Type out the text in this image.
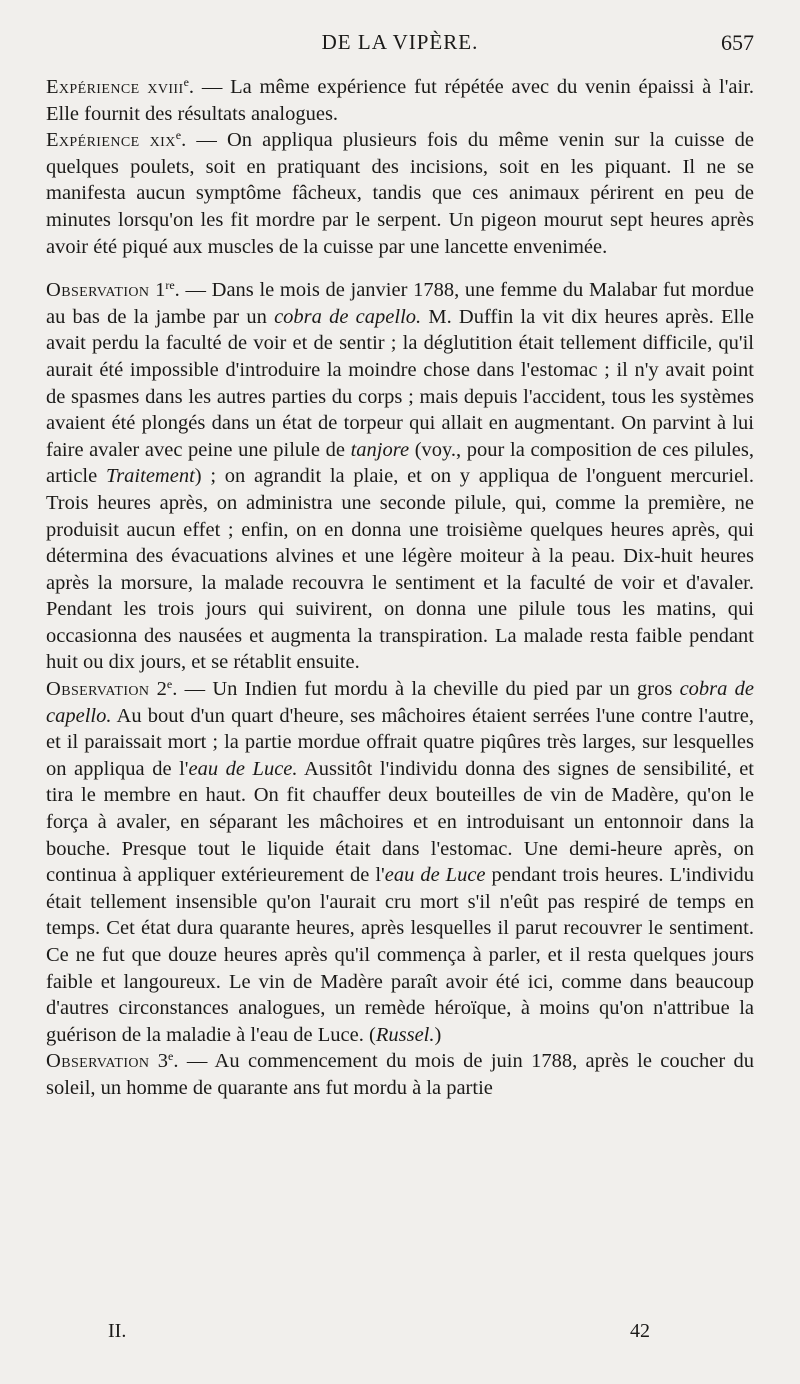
DE LA VIPÈRE.	657

Expérience xviii$^e$. — La même expérience fut répétée avec du venin épaissi à l'air. Elle fournit des résultats analogues.

Expérience xix$^e$. — On appliqua plusieurs fois du même venin sur la cuisse de quelques poulets, soit en pratiquant des incisions, soit en les piquant. Il ne se manifesta aucun symptôme fâcheux, tandis que ces animaux périrent en peu de minutes lorsqu'on les fit mordre par le serpent. Un pigeon mourut sept heures après avoir été piqué aux muscles de la cuisse par une lancette envenimée.

Observation 1re. — Dans le mois de janvier 1788, une femme du Malabar fut mordue au bas de la jambe par un cobra de capello. M. Duffin la vit dix heures après. Elle avait perdu la faculté de voir et de sentir ; la déglutition était tellement difficile, qu'il aurait été impossible d'introduire la moindre chose dans l'estomac ; il n'y avait point de spasmes dans les autres parties du corps ; mais depuis l'accident, tous les systèmes avaient été plongés dans un état de torpeur qui allait en augmentant. On parvint à lui faire avaler avec peine une pilule de tanjore (voy., pour la composition de ces pilules, article Traitement) ; on agrandit la plaie, et on y appliqua de l'onguent mercuriel. Trois heures après, on administra une seconde pilule, qui, comme la première, ne produisit aucun effet ; enfin, on en donna une troisième quelques heures après, qui détermina des évacuations alvines et une légère moiteur à la peau. Dix-huit heures après la morsure, la malade recouvra le sentiment et la faculté de voir et d'avaler. Pendant les trois jours qui suivirent, on donna une pilule tous les matins, qui occasionna des nausées et augmenta la transpiration. La malade resta faible pendant huit ou dix jours, et se rétablit ensuite.

Observation 2e. — Un Indien fut mordu à la cheville du pied par un gros cobra de capello. Au bout d'un quart d'heure, ses mâchoires étaient serrées l'une contre l'autre, et il paraissait mort ; la partie mordue offrait quatre piqûres très larges, sur lesquelles on appliqua de l'eau de Luce. Aussitôt l'individu donna des signes de sensibilité, et tira le membre en haut. On fit chauffer deux bouteilles de vin de Madère, qu'on le força à avaler, en séparant les mâchoires et en introduisant un entonnoir dans la bouche. Presque tout le liquide était dans l'estomac. Une demi-heure après, on continua à appliquer extérieurement de l'eau de Luce pendant trois heures. L'individu était tellement insensible qu'on l'aurait cru mort s'il n'eût pas respiré de temps en temps. Cet état dura quarante heures, après lesquelles il parut recouvrer le sentiment. Ce ne fut que douze heures après qu'il commença à parler, et il resta quelques jours faible et langoureux. Le vin de Madère paraît avoir été ici, comme dans beaucoup d'autres circonstances analogues, un remède héroïque, à moins qu'on n'attribue la guérison de la maladie à l'eau de Luce. (Russel.)

Observation 3e. — Au commencement du mois de juin 1788, après le coucher du soleil, un homme de quarante ans fut mordu à la partie

II.	42
